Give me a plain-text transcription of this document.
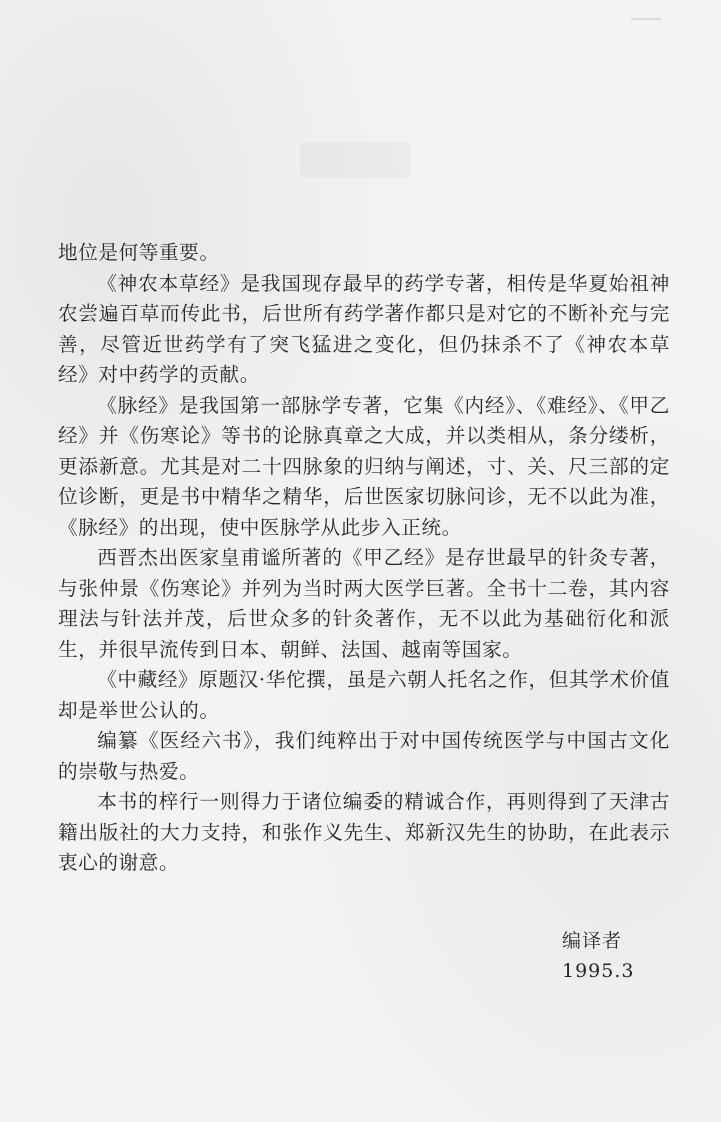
地位是何等重要。

《神农本草经》是我国现存最早的药学专著，相传是华夏始祖神农尝遍百草而传此书，后世所有药学著作都只是对它的不断补充与完善，尽管近世药学有了突飞猛进之变化，但仍抹杀不了《神农本草经》对中药学的贡献。

《脉经》是我国第一部脉学专著，它集《内经》、《难经》、《甲乙经》并《伤寒论》等书的论脉真章之大成，并以类相从，条分缕析，更添新意。尤其是对二十四脉象的归纳与阐述，寸、关、尺三部的定位诊断，更是书中精华之精华，后世医家切脉问诊，无不以此为准，《脉经》的出现，使中医脉学从此步入正统。

西晋杰出医家皇甫谧所著的《甲乙经》是存世最早的针灸专著，与张仲景《伤寒论》并列为当时两大医学巨著。全书十二卷，其内容理法与针法并茂，后世众多的针灸著作，无不以此为基础衍化和派生，并很早流传到日本、朝鲜、法国、越南等国家。

《中藏经》原题汉·华佗撰，虽是六朝人托名之作，但其学术价值却是举世公认的。

编纂《医经六书》，我们纯粹出于对中国传统医学与中国古文化的崇敬与热爱。

本书的梓行一则得力于诸位编委的精诚合作，再则得到了天津古籍出版社的大力支持，和张作义先生、郑新汉先生的协助，在此表示衷心的谢意。

编译者
1995.3
